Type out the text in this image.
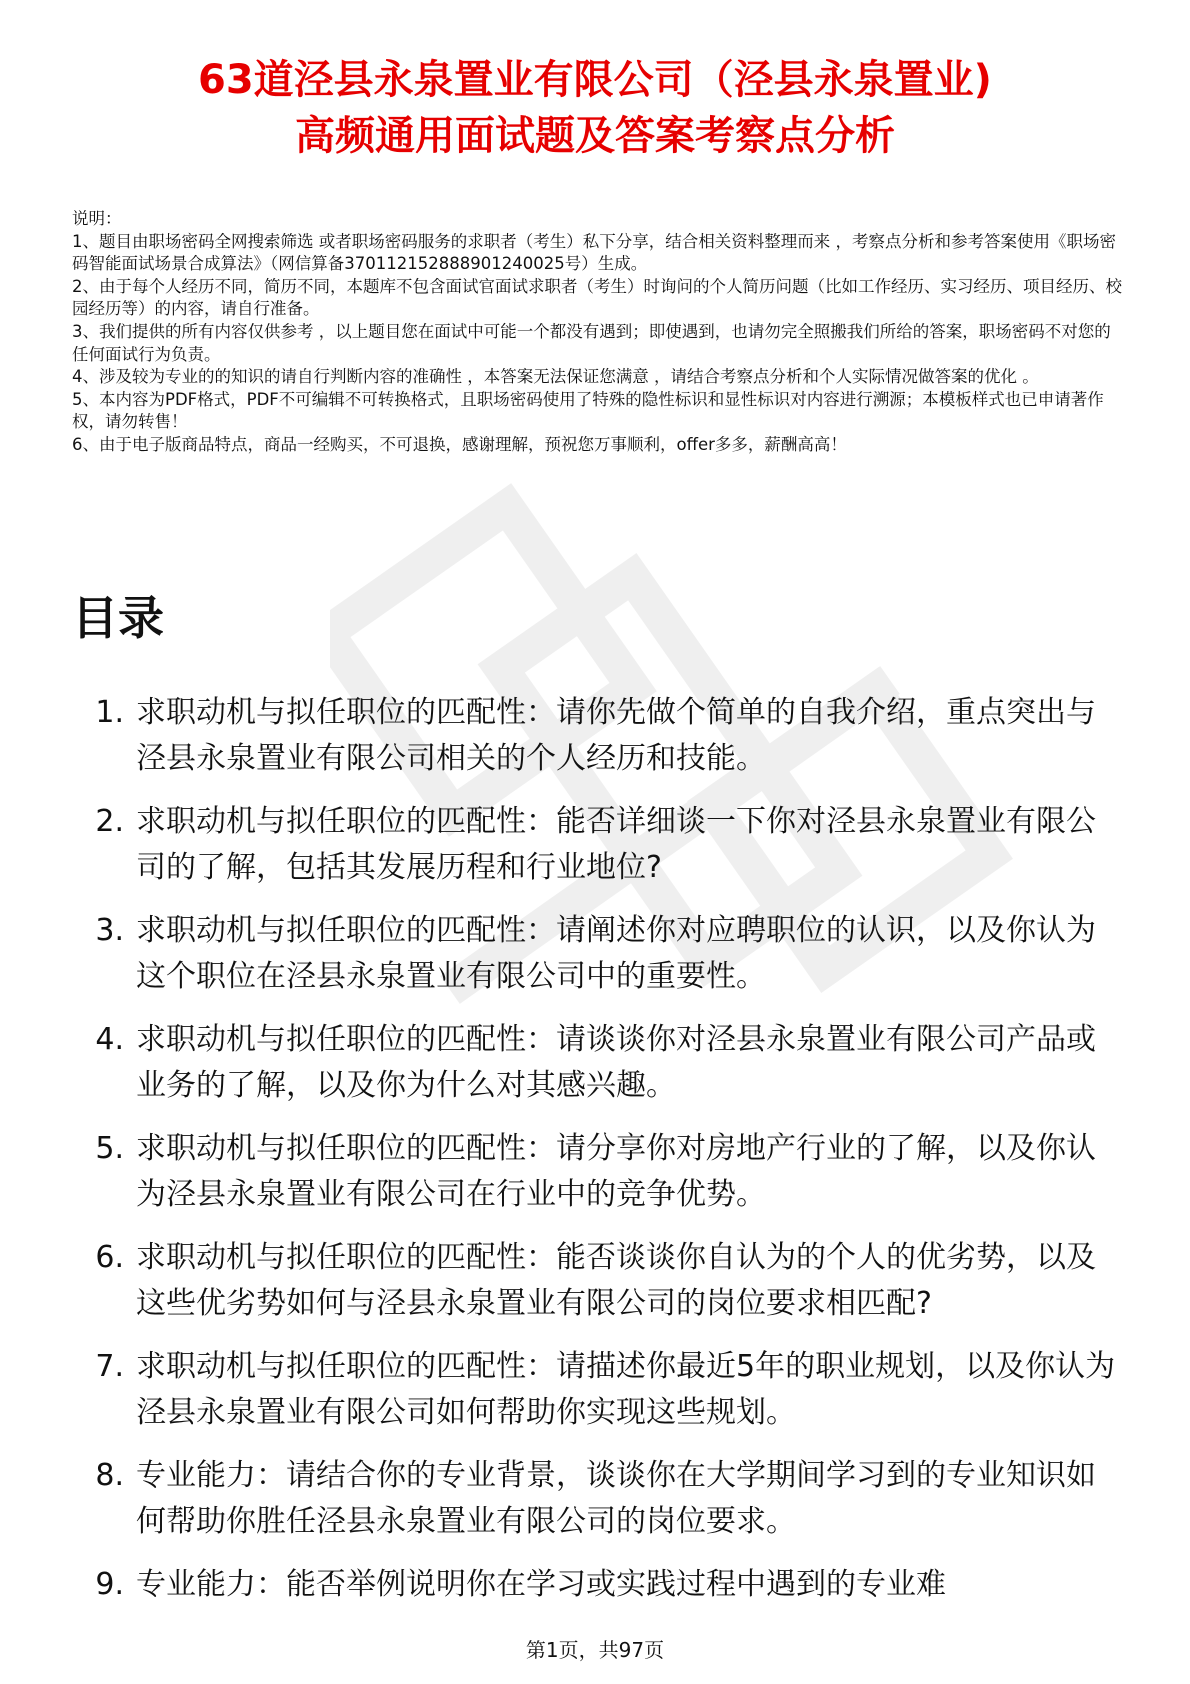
63道泾县永泉置业有限公司（泾县永泉置业)
高频通用面试题及答案考察点分析

说明：

1、题目由职场密码全网搜索筛选 或者职场密码服务的求职者（考生）私下分享，结合相关资料整理而来 ，考察点分析和参考答案使用《职场密码智能面试场景合成算法》（网信算备370112152888901240025号）生成。

2、由于每个人经历不同，简历不同，本题库不包含面试官面试求职者（考生）时询问的个人简历问题（比如工作经历、实习经历、项目经历、校园经历等）的内容，请自行准备。

3、我们提供的所有内容仅供参考 ，以上题目您在面试中可能一个都没有遇到；即使遇到，也请勿完全照搬我们所给的答案，职场密码不对您的任何面试行为负责。

4、涉及较为专业的的知识的请自行判断内容的准确性 ，本答案无法保证您满意 ，请结合考察点分析和个人实际情况做答案的优化 。

5、本内容为PDF格式，PDF不可编辑不可转换格式，且职场密码使用了特殊的隐性标识和显性标识对内容进行溯源；本模板样式也已申请著作权，请勿转售！

6、由于电子版商品特点，商品一经购买，不可退换，感谢理解，预祝您万事顺利，offer多多，薪酬高高！

目录
1. 求职动机与拟任职位的匹配性：请你先做个简单的自我介绍，重点突出与泾县永泉置业有限公司相关的个人经历和技能。
2. 求职动机与拟任职位的匹配性：能否详细谈一下你对泾县永泉置业有限公司的了解，包括其发展历程和行业地位?
3. 求职动机与拟任职位的匹配性：请阐述你对应聘职位的认识，以及你认为这个职位在泾县永泉置业有限公司中的重要性。
4. 求职动机与拟任职位的匹配性：请谈谈你对泾县永泉置业有限公司产品或业务的了解，以及你为什么对其感兴趣。
5. 求职动机与拟任职位的匹配性：请分享你对房地产行业的了解，以及你认为泾县永泉置业有限公司在行业中的竞争优势。
6. 求职动机与拟任职位的匹配性：能否谈谈你自认为的个人的优劣势，以及这些优劣势如何与泾县永泉置业有限公司的岗位要求相匹配?
7. 求职动机与拟任职位的匹配性：请描述你最近5年的职业规划，以及你认为泾县永泉置业有限公司如何帮助你实现这些规划。
8. 专业能力：请结合你的专业背景，谈谈你在大学期间学习到的专业知识如何帮助你胜任泾县永泉置业有限公司的岗位要求。
9. 专业能力：能否举例说明你在学习或实践过程中遇到的专业难
第1页，共97页
